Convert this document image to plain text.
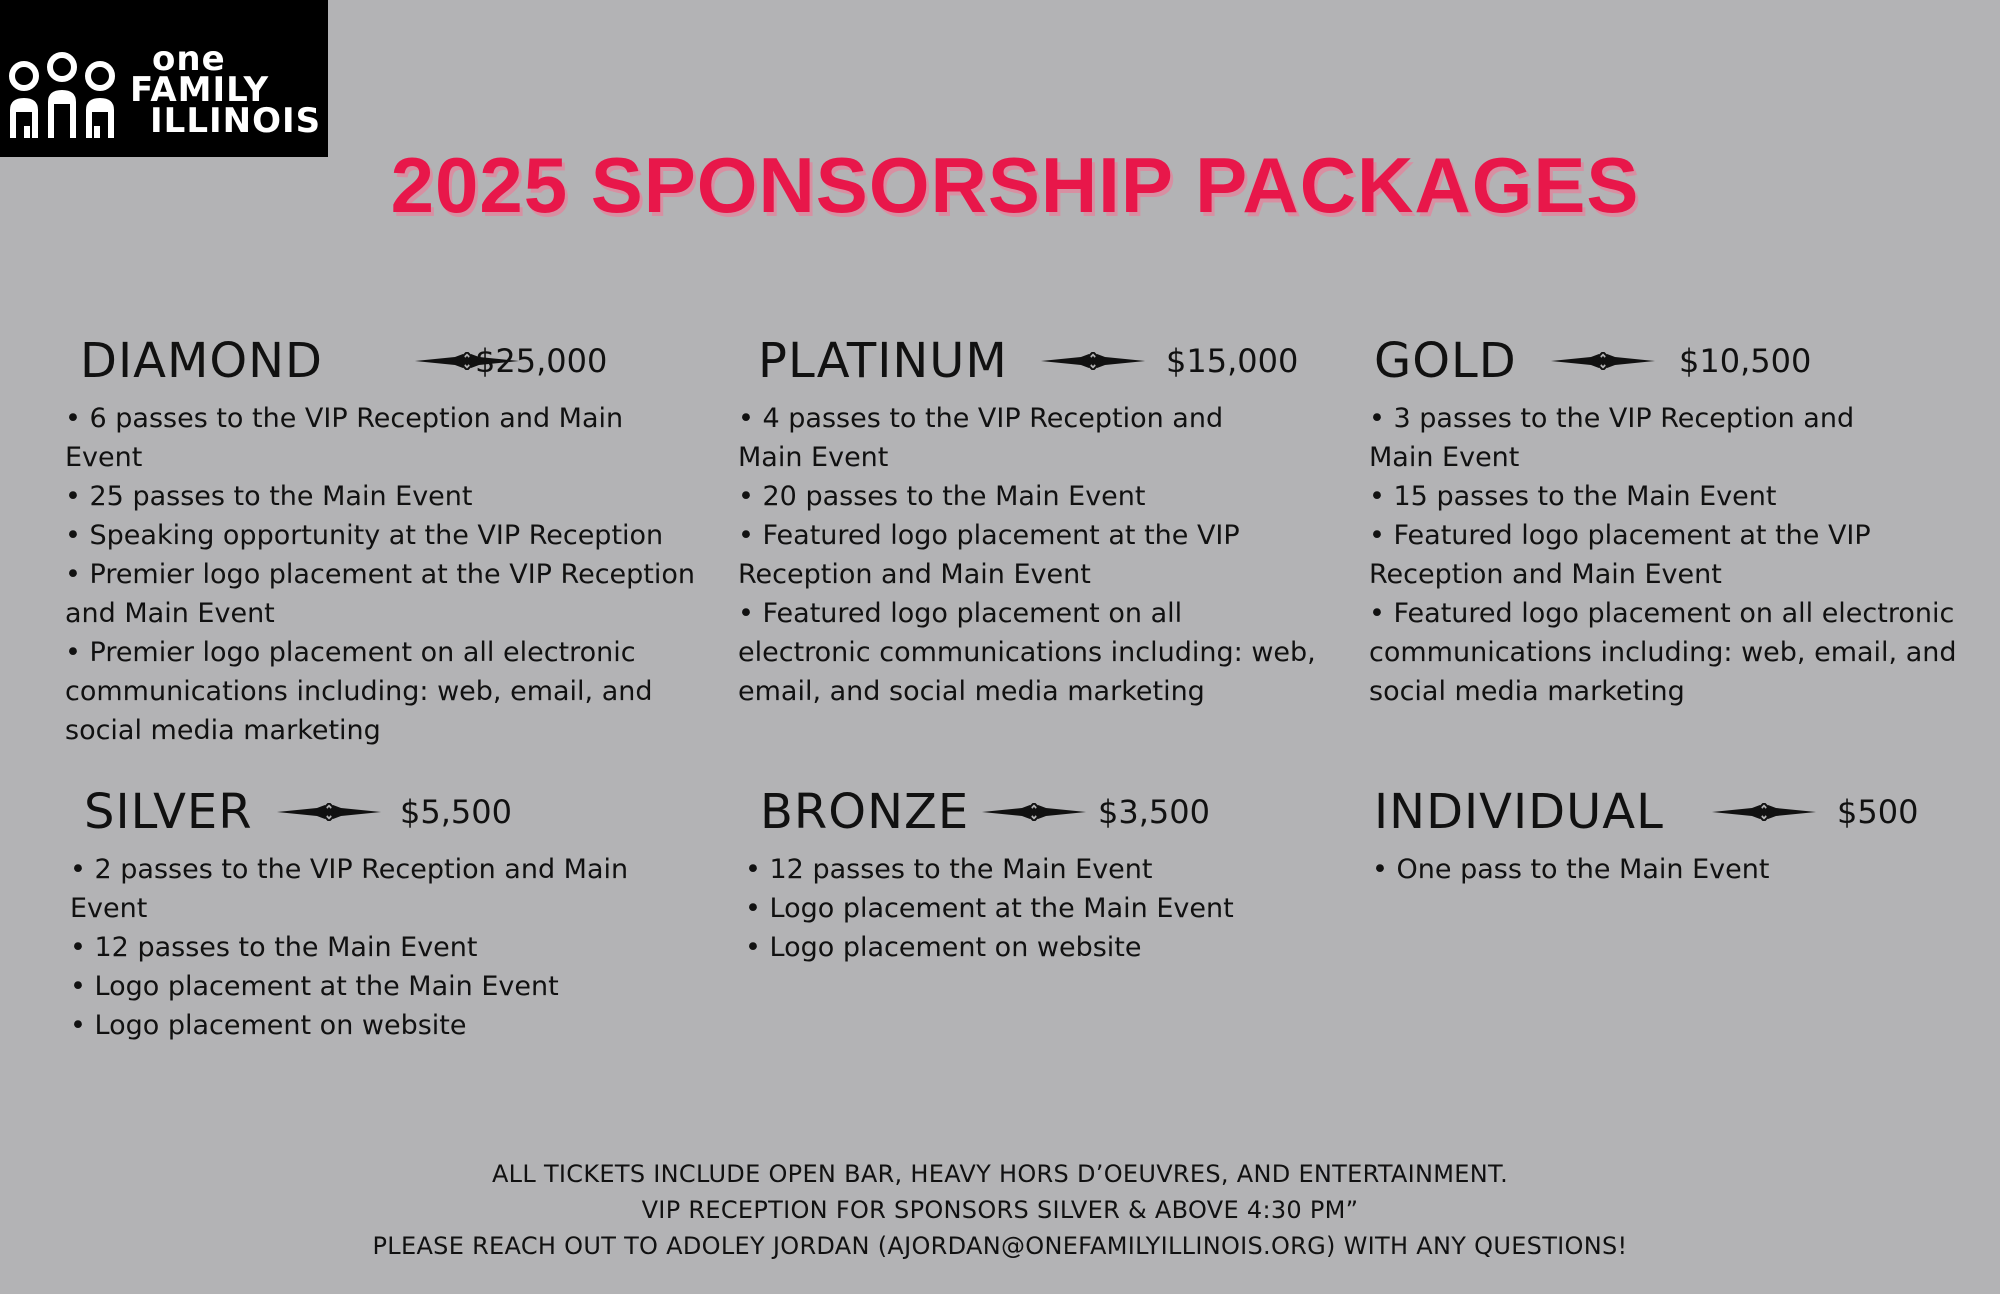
one
FAMILY
ILLINOIS
2025 SPONSORSHIP PACKAGES
DIAMOND	$25,000
• 6 passes to the VIP Reception and Main Event
• 25 passes to the Main Event
• Speaking opportunity at the VIP Reception
• Premier logo placement at the VIP Reception and Main Event
• Premier logo placement on all electronic communications including: web, email, and social media marketing
PLATINUM	$15,000
• 4 passes to the VIP Reception and Main Event
• 20 passes to the Main Event
• Featured logo placement at the VIP Reception and Main Event
• Featured logo placement on all electronic communications including: web, email, and social media marketing
GOLD	$10,500
• 3 passes to the VIP Reception and Main Event
• 15 passes to the Main Event
• Featured logo placement at the VIP Reception and Main Event
• Featured logo placement on all electronic communications including: web, email, and social media marketing
SILVER	$5,500
• 2 passes to the VIP Reception and Main Event
• 12 passes to the Main Event
• Logo placement at the Main Event
• Logo placement on website
BRONZE	$3,500
• 12 passes to the Main Event
• Logo placement at the Main Event
• Logo placement on website
INDIVIDUAL	$500
• One pass to the Main Event
ALL TICKETS INCLUDE OPEN BAR, HEAVY HORS D’OEUVRES, AND ENTERTAINMENT.
VIP RECEPTION FOR SPONSORS SILVER & ABOVE 4:30 PM”
PLEASE REACH OUT TO ADOLEY JORDAN (AJORDAN@ONEFAMILYILLINOIS.ORG) WITH ANY QUESTIONS!
